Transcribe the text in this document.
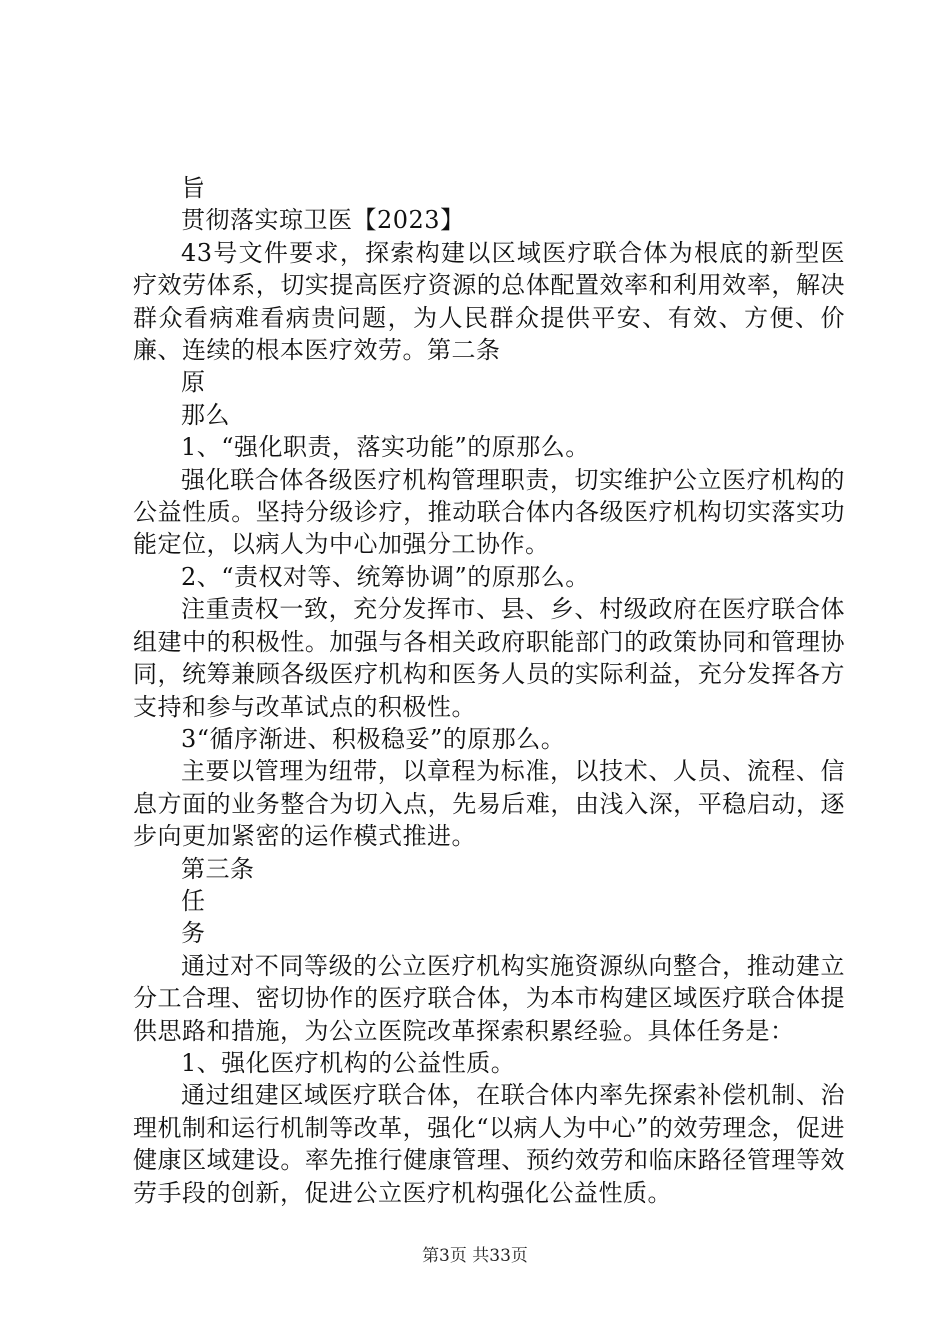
旨

贯彻落实琼卫医【2023】

43号文件要求，探索构建以区域医疗联合体为根底的新型医疗效劳体系，切实提高医疗资源的总体配置效率和利用效率，解决群众看病难看病贵问题，为人民群众提供平安、有效、方便、价廉、连续的根本医疗效劳。第二条

原

那么

1、“强化职责，落实功能”的原那么。

强化联合体各级医疗机构管理职责，切实维护公立医疗机构的公益性质。坚持分级诊疗，推动联合体内各级医疗机构切实落实功能定位，以病人为中心加强分工协作。

2、“责权对等、统筹协调”的原那么。

注重责权一致，充分发挥市、县、乡、村级政府在医疗联合体组建中的积极性。加强与各相关政府职能部门的政策协同和管理协同，统筹兼顾各级医疗机构和医务人员的实际利益，充分发挥各方支持和参与改革试点的积极性。

3“循序渐进、积极稳妥”的原那么。

主要以管理为纽带，以章程为标准，以技术、人员、流程、信息方面的业务整合为切入点，先易后难，由浅入深，平稳启动，逐步向更加紧密的运作模式推进。

第三条

任

务

通过对不同等级的公立医疗机构实施资源纵向整合，推动建立分工合理、密切协作的医疗联合体，为本市构建区域医疗联合体提供思路和措施，为公立医院改革探索积累经验。具体任务是：

1、强化医疗机构的公益性质。

通过组建区域医疗联合体，在联合体内率先探索补偿机制、治理机制和运行机制等改革，强化“以病人为中心”的效劳理念，促进健康区域建设。率先推行健康管理、预约效劳和临床路径管理等效劳手段的创新，促进公立医疗机构强化公益性质。

第3页 共33页
